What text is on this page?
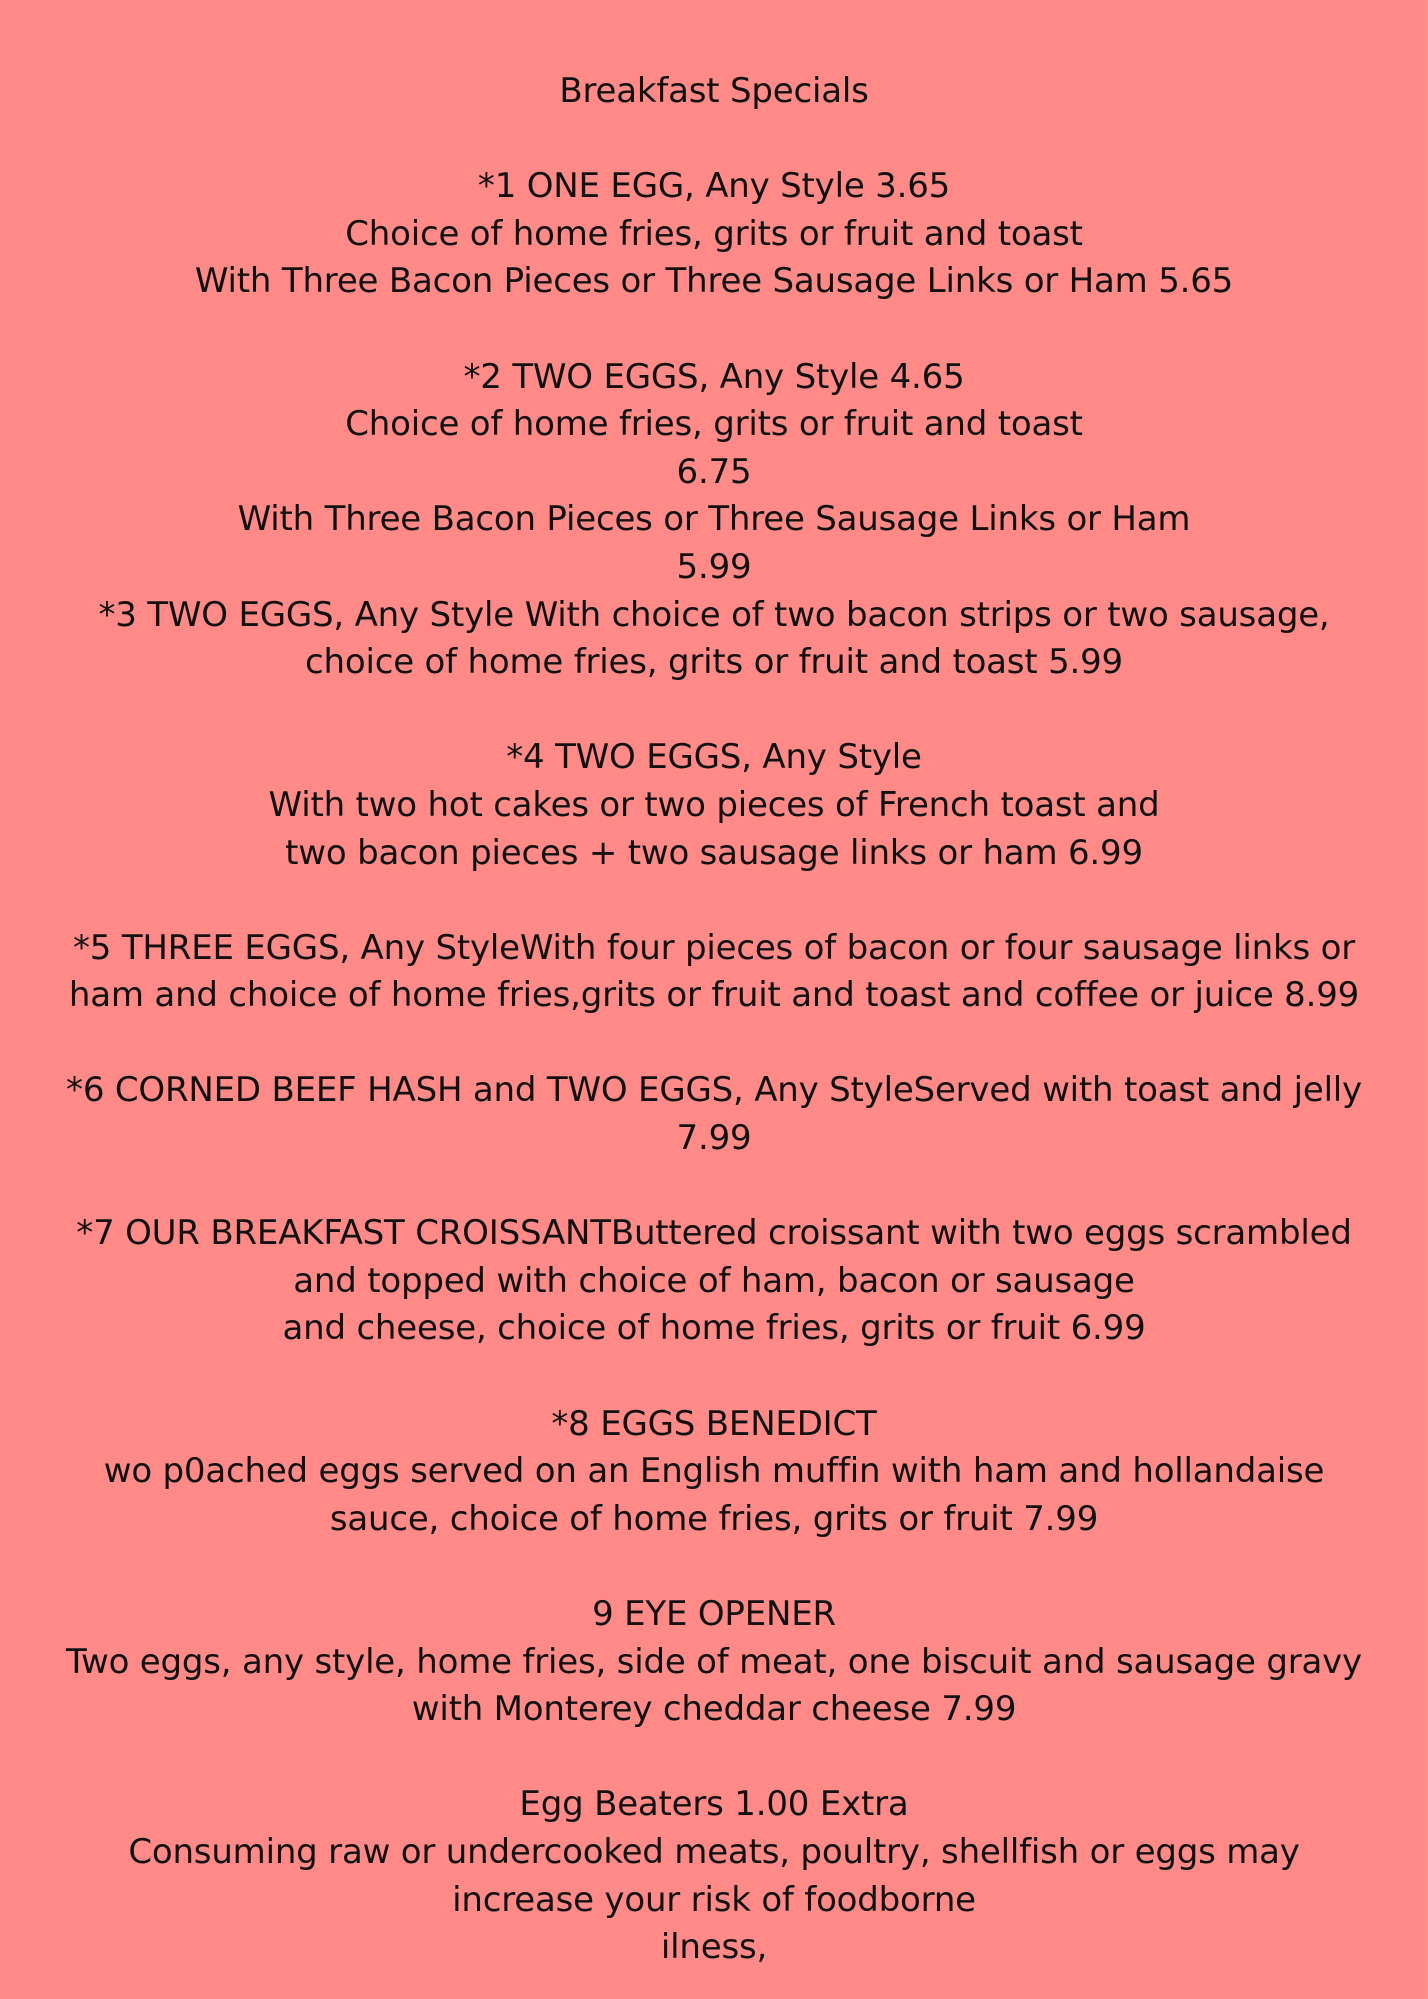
Breakfast Specials
*1 ONE EGG, Any Style 3.65
Choice of home fries, grits or fruit and toast
With Three Bacon Pieces or Three Sausage Links or Ham 5.65
*2 TWO EGGS, Any Style 4.65
Choice of home fries, grits or fruit and toast
6.75
With Three Bacon Pieces or Three Sausage Links or Ham
5.99
*3 TWO EGGS, Any Style With choice of two bacon strips or two sausage,
choice of home fries, grits or fruit and toast 5.99
*4 TWO EGGS, Any Style
With two hot cakes or two pieces of French toast and
two bacon pieces + two sausage links or ham 6.99
*5 THREE EGGS, Any StyleWith four pieces of bacon or four sausage links or
ham and choice of home fries,grits or fruit and toast and coffee or juice 8.99
*6 CORNED BEEF HASH and TWO EGGS, Any StyleServed with toast and jelly
7.99
*7 OUR BREAKFAST CROISSANTButtered croissant with two eggs scrambled
and topped with choice of ham, bacon or sausage
and cheese, choice of home fries, grits or fruit 6.99
*8 EGGS BENEDICT
wo p0ached eggs served on an English muffin with ham and hollandaise
sauce, choice of home fries, grits or fruit 7.99
9 EYE OPENER
Two eggs, any style, home fries, side of meat, one biscuit and sausage gravy
with Monterey cheddar cheese 7.99
Egg Beaters 1.00 Extra
Consuming raw or undercooked meats, poultry, shellfish or eggs may
increase your risk of foodborne
ilness,
